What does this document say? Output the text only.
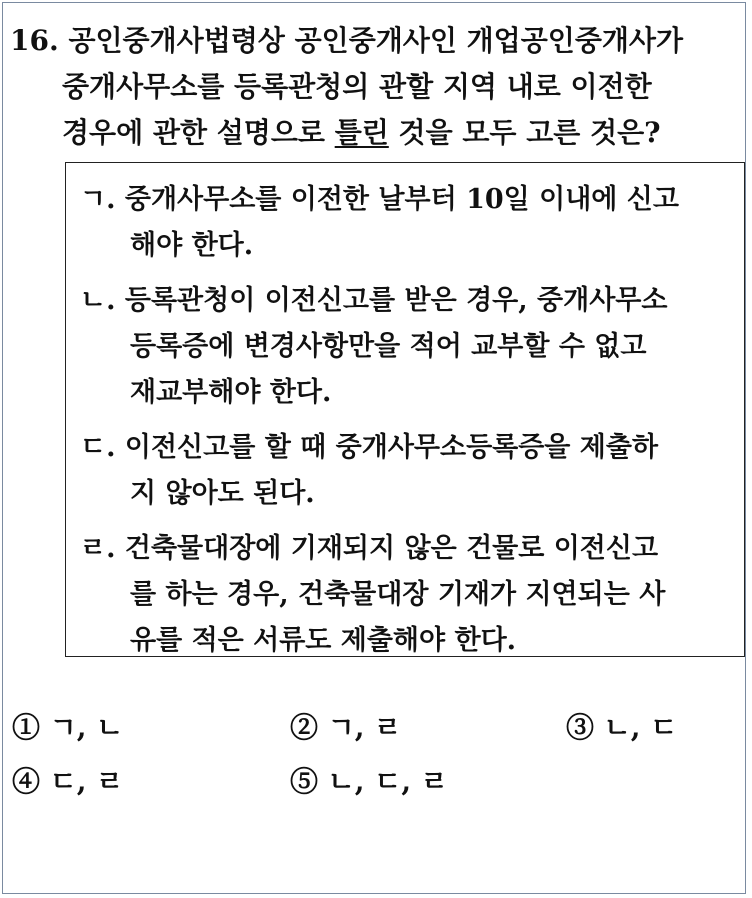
16. 공인중개사법령상 공인중개사인 개업공인중개사가
중개사무소를 등록관청의 관할 지역 내로 이전한
경우에 관한 설명으로 틀린 것을 모두 고른 것은?
ㄱ. 중개사무소를 이전한 날부터 10일 이내에 신고
해야 한다.
ㄴ. 등록관청이 이전신고를 받은 경우, 중개사무소
등록증에 변경사항만을 적어 교부할 수 없고
재교부해야 한다.
ㄷ. 이전신고를 할 때 중개사무소등록증을 제출하
지 않아도 된다.
ㄹ. 건축물대장에 기재되지 않은 건물로 이전신고
를 하는 경우, 건축물대장 기재가 지연되는 사
유를 적은 서류도 제출해야 한다.
① ㄱ, ㄴ	② ㄱ, ㄹ	③ ㄴ, ㄷ
④ ㄷ, ㄹ	⑤ ㄴ, ㄷ, ㄹ
